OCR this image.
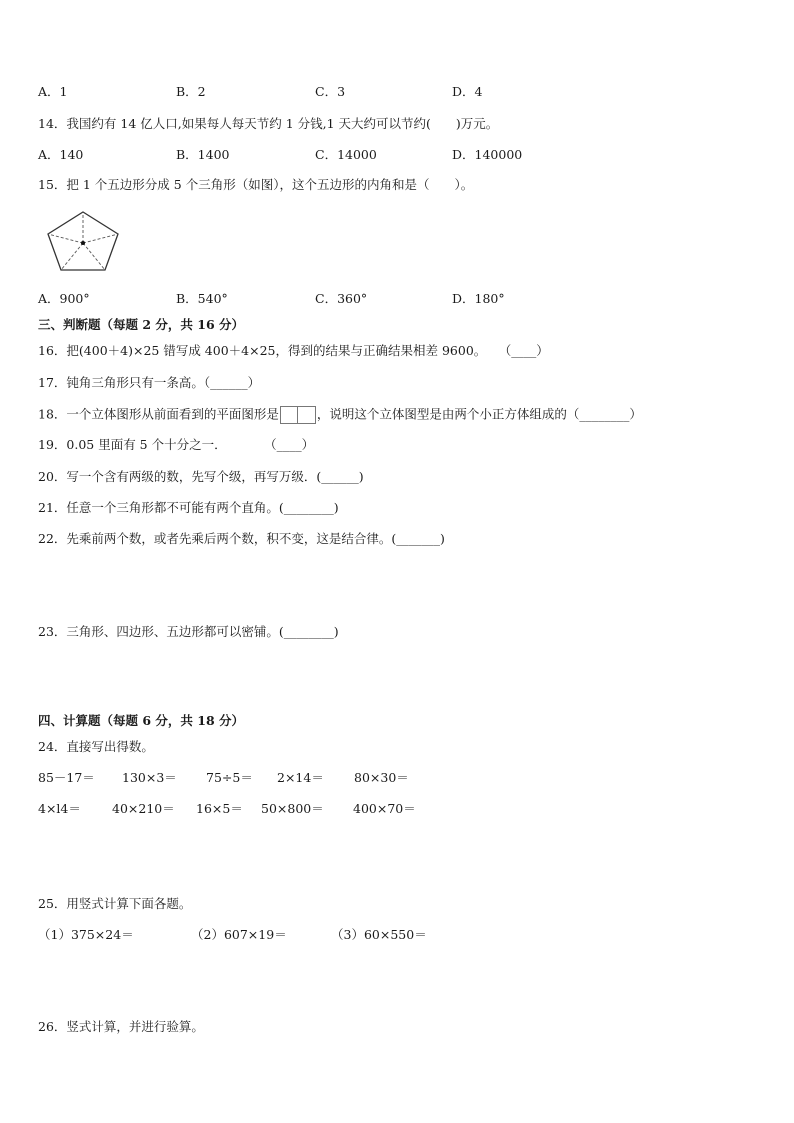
A．1	B．2	C．3	D．4
14．我国约有 14 亿人口,如果每人每天节约 1 分钱,1 天大约可以节约(　　)万元。
A．140	B．1400	C．14000	D．140000
15．把 1 个五边形分成 5 个三角形（如图），这个五边形的内角和是（　　）。
A．900°	B．540°	C．360°	D．180°
三、判断题（每题 2 分，共 16 分）
16．把(400＋4)×25 错写成 400＋4×25，得到的结果与正确结果相差 9600。　　（____）
17．钝角三角形只有一条高。（______）
18．一个立体图形从前面看到的平面图形是	，说明这个立体图型是由两个小正方体组成的（________）
19．0.05 里面有 5 个十分之一．　　　　（____）
20．写一个含有两级的数，先写个级，再写万级．(______)
21．任意一个三角形都不可能有两个直角。(________)
22．先乘前两个数，或者先乘后两个数，积不变，这是结合律。(_______)
23．三角形、四边形、五边形都可以密铺。(________)
四、计算题（每题 6 分，共 18 分）
24．直接写出得数。
85－17＝ 130×3＝ 75÷5＝ 2×14＝ 80×30＝
4×l4＝ 40×210＝ 16×5＝ 50×800＝ 400×70＝
25．用竖式计算下面各题。
（1）375×24＝	（2）607×19＝	（3）60×550＝
26．竖式计算，并进行验算。
